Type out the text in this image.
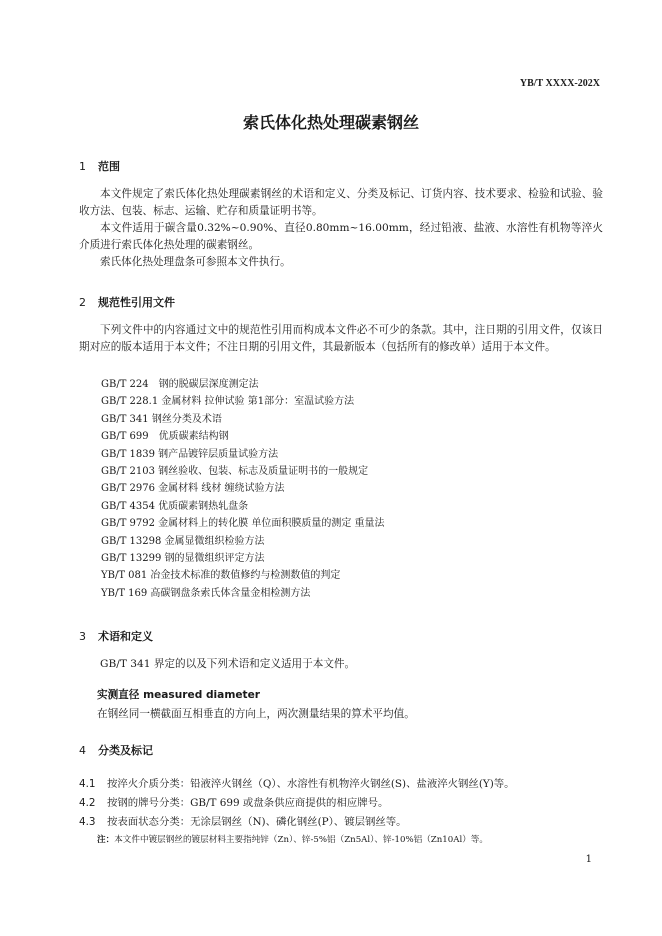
YB/T XXXX-202X
索氏体化热处理碳素钢丝
1 范围
本文件规定了索氏体化热处理碳素钢丝的术语和定义、分类及标记、订货内容、技术要求、检验和试验、验收方法、包装、标志、运输、贮存和质量证明书等。
本文件适用于碳含量0.32%~0.90%、直径0.80mm~16.00mm，经过铅液、盐液、水溶性有机物等淬火介质进行索氏体化热处理的碳素钢丝。
索氏体化热处理盘条可参照本文件执行。
2 规范性引用文件
下列文件中的内容通过文中的规范性引用而构成本文件必不可少的条款。其中，注日期的引用文件，仅该日期对应的版本适用于本文件；不注日期的引用文件，其最新版本（包括所有的修改单）适用于本文件。
GB/T 224　钢的脱碳层深度测定法
GB/T 228.1 金属材料 拉伸试验 第1部分：室温试验方法
GB/T 341 钢丝分类及术语
GB/T 699　优质碳素结构钢
GB/T 1839 钢产品镀锌层质量试验方法
GB/T 2103 钢丝验收、包装、标志及质量证明书的一般规定
GB/T 2976 金属材料 线材 缠绕试验方法
GB/T 4354 优质碳素钢热轧盘条
GB/T 9792 金属材料上的转化膜 单位面积膜质量的测定 重量法
GB/T 13298 金属显微组织检验方法
GB/T 13299 钢的显微组织评定方法
YB/T 081 冶金技术标准的数值修约与检测数值的判定
YB/T 169 高碳钢盘条索氏体含量金相检测方法
3 术语和定义
GB/T 341 界定的以及下列术语和定义适用于本文件。
实测直径 measured diameter
在钢丝同一横截面互相垂直的方向上，两次测量结果的算术平均值。
4 分类及标记
4.1 按淬火介质分类：铅液淬火钢丝（Q）、水溶性有机物淬火钢丝(S)、盐液淬火钢丝(Y)等。
4.2 按钢的牌号分类：GB/T 699 或盘条供应商提供的相应牌号。
4.3 按表面状态分类：无涂层钢丝（N)、磷化钢丝(P）、镀层钢丝等。
注：本文件中镀层钢丝的镀层材料主要指纯锌（Zn）、锌-5%铝（Zn5Al）、锌-10%铝（Zn10Al）等。
1
